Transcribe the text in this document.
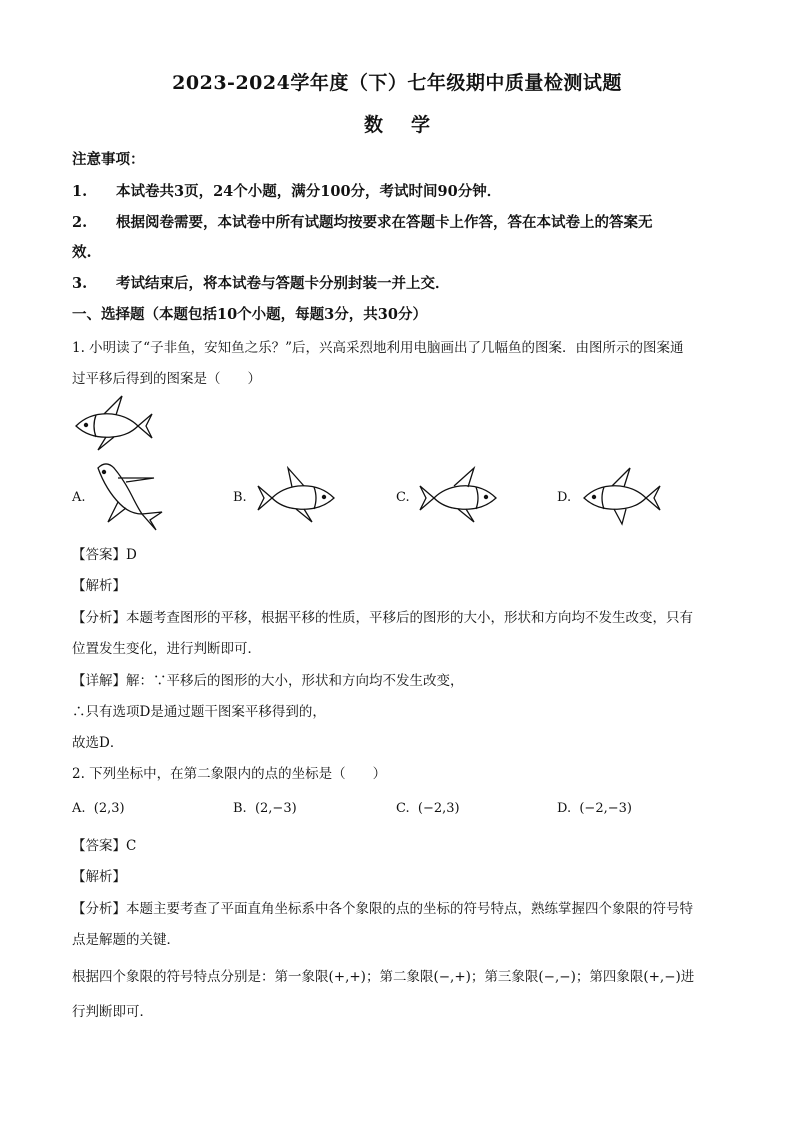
2023-2024学年度（下）七年级期中质量检测试题
数学
注意事项：
1. 本试卷共3页，24个小题，满分100分，考试时间90分钟．
2. 根据阅卷需要，本试卷中所有试题均按要求在答题卡上作答，答在本试卷上的答案无
效.
3. 考试结束后，将本试卷与答题卡分别封装一并上交．
一、选择题（本题包括10个小题，每题3分，共30分）
1. 小明读了“子非鱼，安知鱼之乐？”后，兴高采烈地利用电脑画出了几幅鱼的图案．由图所示的图案通
过平移后得到的图案是（　　）
A.	B.	C.	D.
【答案】D
【解析】
【分析】本题考查图形的平移，根据平移的性质，平移后的图形的大小，形状和方向均不发生改变，只有
位置发生变化，进行判断即可．
【详解】解：∵平移后的图形的大小，形状和方向均不发生改变，
∴只有选项D是通过题干图案平移得到的，
故选D．
2. 下列坐标中，在第二象限内的点的坐标是（　　）
A. (2,3)	B. (2,−3)	C. (−2,3)	D. (−2,−3)
【答案】C
【解析】
【分析】本题主要考查了平面直角坐标系中各个象限的点的坐标的符号特点，熟练掌握四个象限的符号特
点是解题的关键．
根据四个象限的符号特点分别是：第一象限(+,+)；第二象限(−,+)；第三象限(−,−)；第四象限(+,−)进
行判断即可．
